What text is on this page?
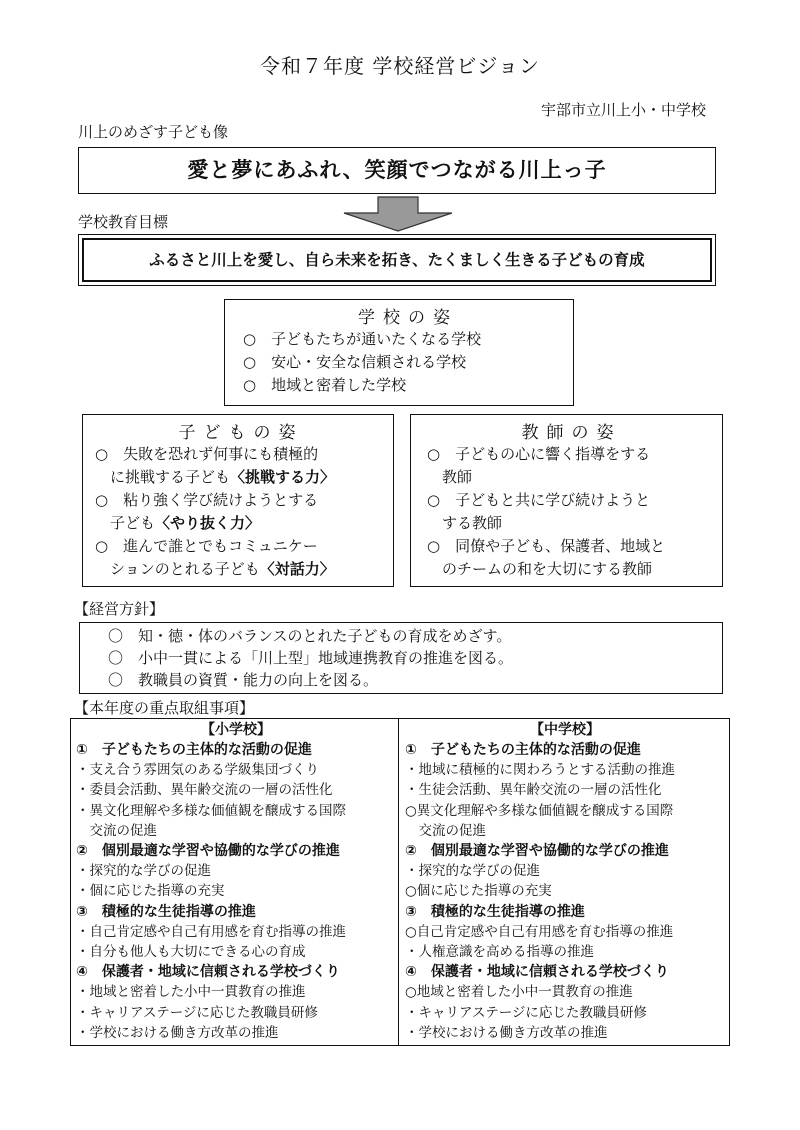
令和７年度 学校経営ビジョン
宇部市立川上小・中学校
川上のめざす子ども像
愛と夢にあふれ、笑顔でつながる川上っ子
学校教育目標
ふるさと川上を愛し、自ら未来を拓き、たくましく生きる子どもの育成
学校の姿
○　子どもたちが通いたくなる学校
○　安心・安全な信頼される学校
○　地域と密着した学校
子どもの姿
○　失敗を恐れず何事にも積極的
　に挑戦する子ども〈挑戦する力〉
○　粘り強く学び続けようとする
　子ども〈やり抜く力〉
○　進んで誰とでもコミュニケー
　ションのとれる子ども〈対話力〉
教師の姿
○　子どもの心に響く指導をする
　教師
○　子どもと共に学び続けようと
　する教師
○　同僚や子ども、保護者、地域と
　のチームの和を大切にする教師
【経営方針】
〇　知・徳・体のバランスのとれた子どもの育成をめざす。
〇　小中一貫による「川上型」地域連携教育の推進を図る。
〇　教職員の資質・能力の向上を図る。
【本年度の重点取組事項】
【小学校】
①　子どもたちの主体的な活動の促進
・支え合う雰囲気のある学級集団づくり
・委員会活動、異年齢交流の一層の活性化
・異文化理解や多様な価値観を醸成する国際
　交流の促進
②　個別最適な学習や協働的な学びの推進
・探究的な学びの促進
・個に応じた指導の充実
③　積極的な生徒指導の推進
・自己肯定感や自己有用感を育む指導の推進
・自分も他人も大切にできる心の育成
④　保護者・地域に信頼される学校づくり
・地域と密着した小中一貫教育の推進
・キャリアステージに応じた教職員研修
・学校における働き方改革の推進
【中学校】
①　子どもたちの主体的な活動の促進
・地域に積極的に関わろうとする活動の推進
・生徒会活動、異年齢交流の一層の活性化
○異文化理解や多様な価値観を醸成する国際
　交流の促進
②　個別最適な学習や協働的な学びの推進
・探究的な学びの促進
○個に応じた指導の充実
③　積極的な生徒指導の推進
○自己肯定感や自己有用感を育む指導の推進
・人権意識を高める指導の推進
④　保護者・地域に信頼される学校づくり
○地域と密着した小中一貫教育の推進
・キャリアステージに応じた教職員研修
・学校における働き方改革の推進
